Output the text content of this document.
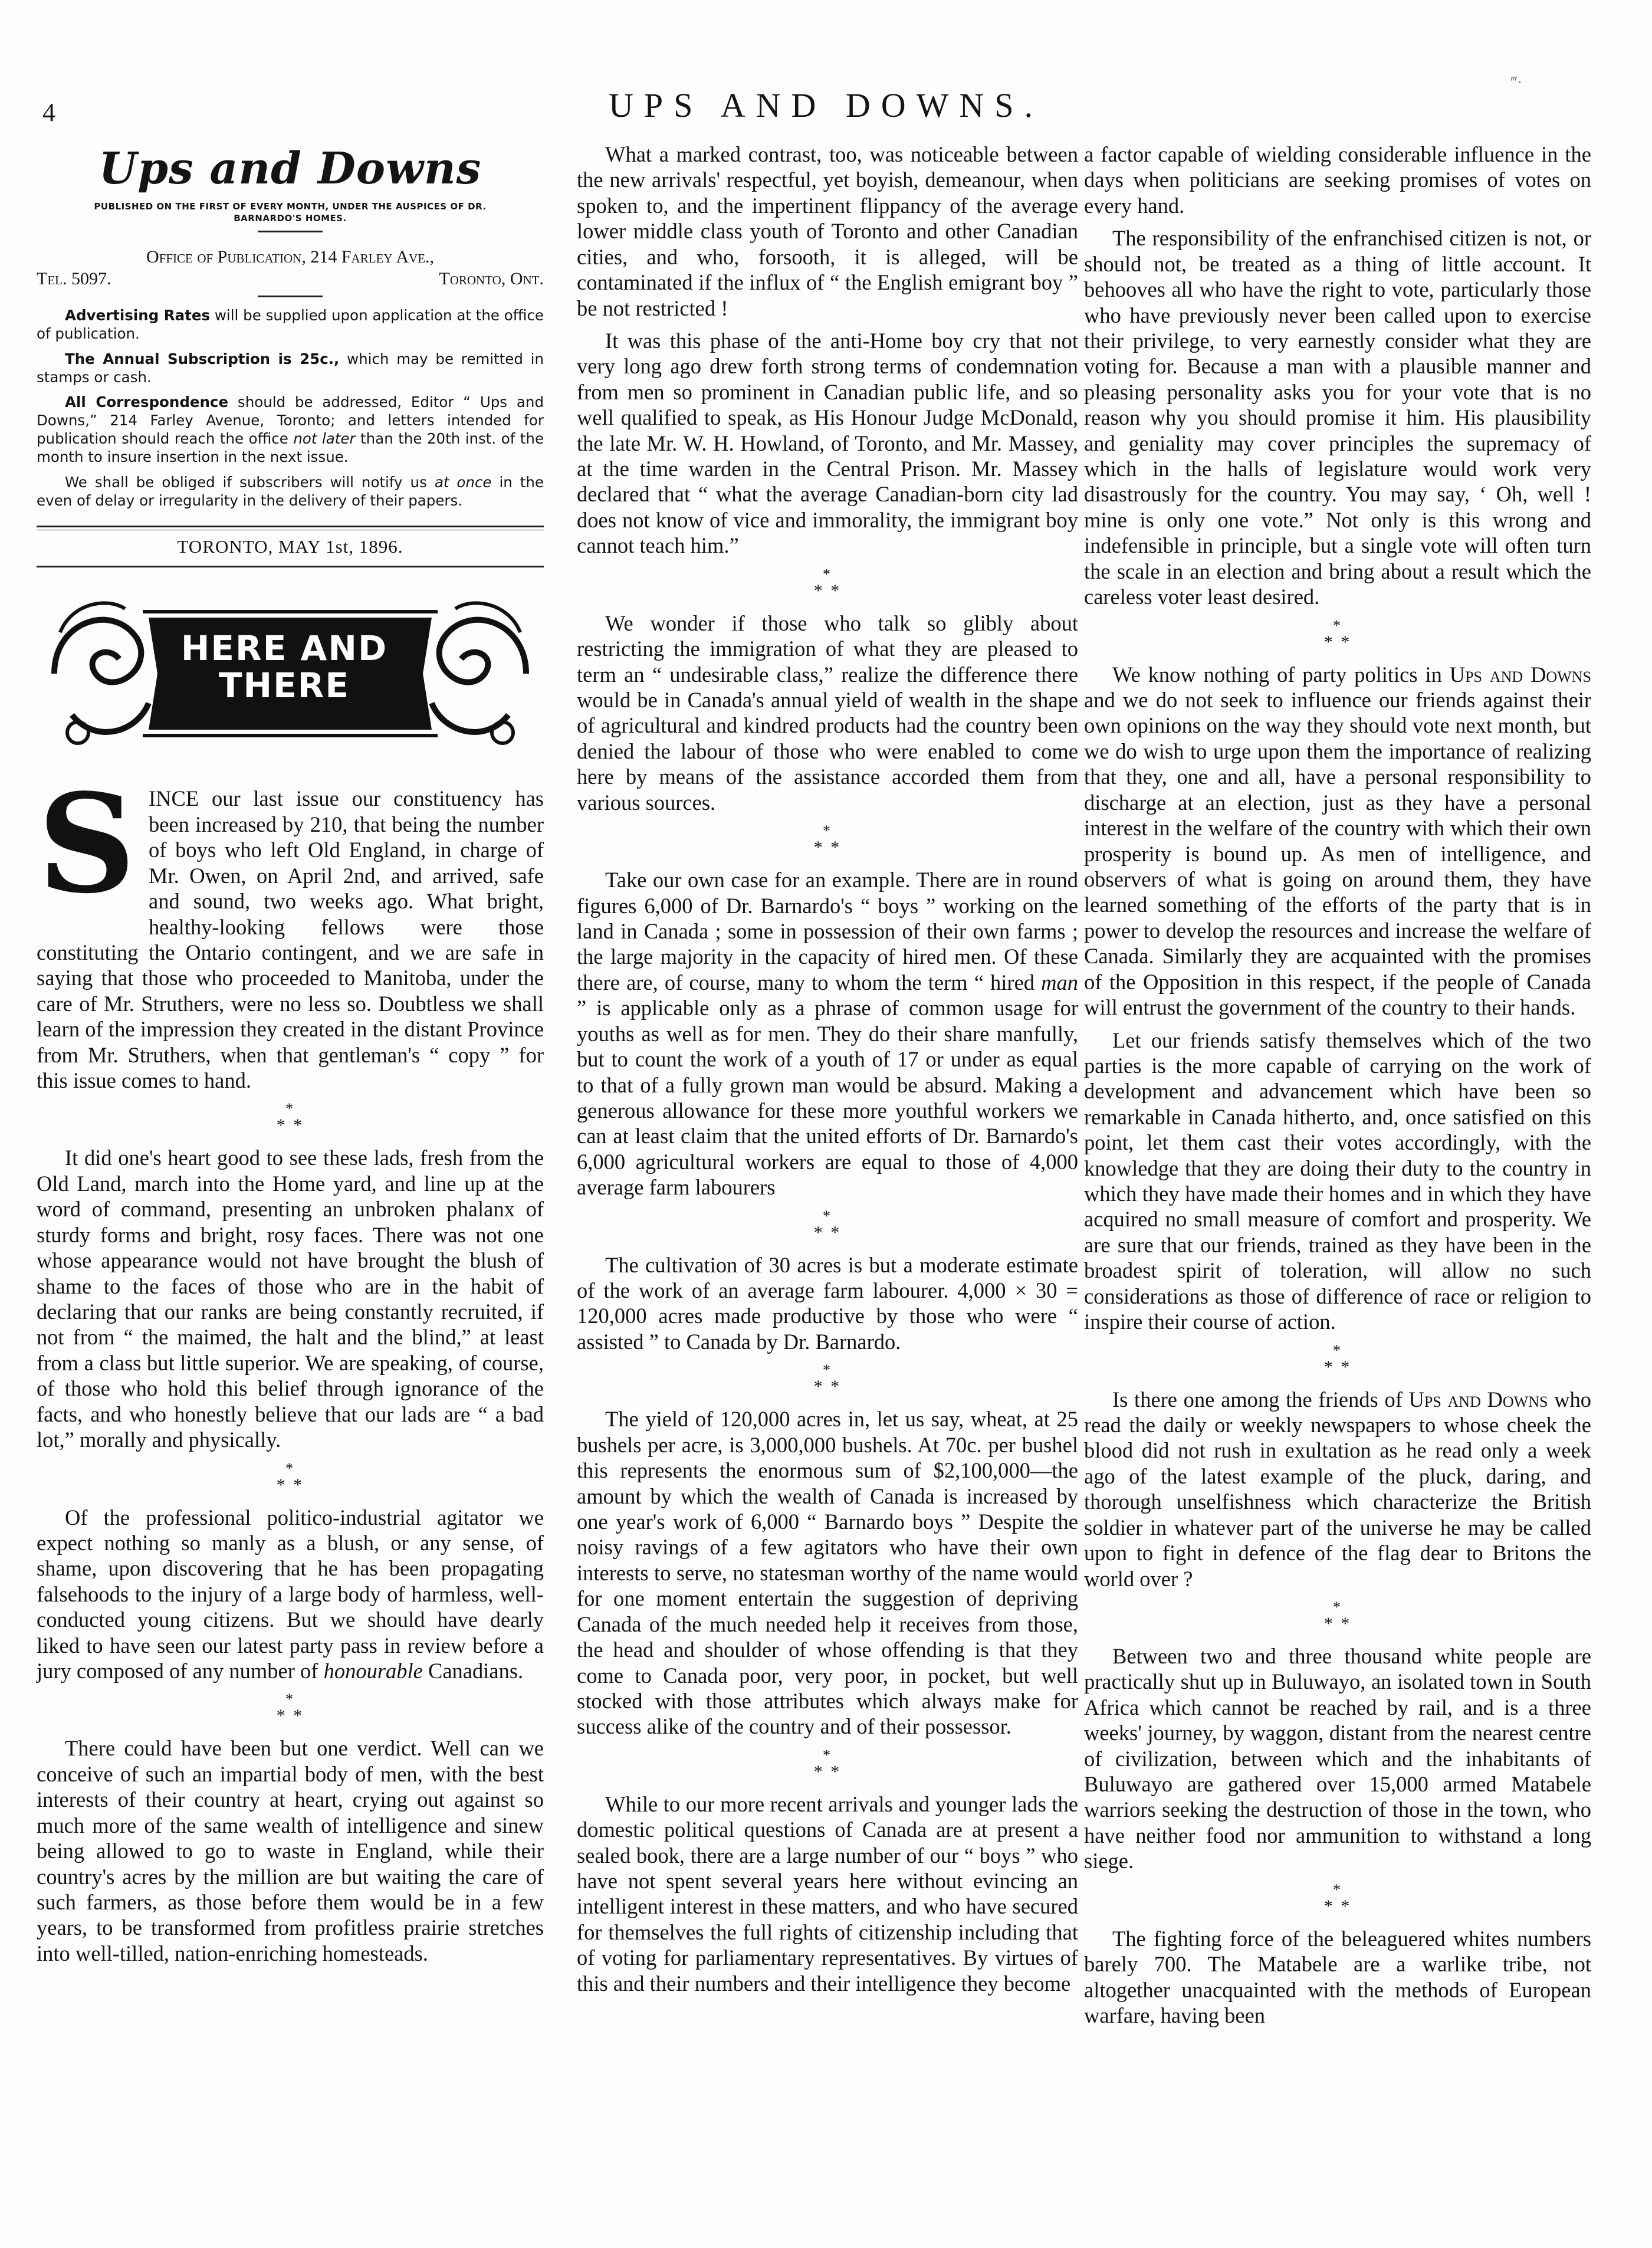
4	UPS AND DOWNS.
‴·
Ups and Downs
PUBLISHED ON THE FIRST OF EVERY MONTH, UNDER THE AUSPICES OF DR. BARNARDO'S HOMES.
Office of Publication, 214 Farley Ave.,
Tel. 5097.	Toronto, Ont.

Advertising Rates will be supplied upon application at the office of publication.

The Annual Subscription is 25c., which may be remitted in stamps or cash.

All Correspondence should be addressed, Editor “ Ups and Downs,” 214 Farley Avenue, Toronto; and letters intended for publication should reach the office not later than the 20th inst. of the month to insure insertion in the next issue.

We shall be obliged if subscribers will notify us at once in the even of delay or irregularity in the delivery of their papers.

TORONTO, MAY 1st, 1896.
HERE AND
THERE

S INCE our last issue our constituency has been increased by 210, that being the number of boys who left Old England, in charge of Mr. Owen, on April 2nd, and arrived, safe and sound, two weeks ago. What bright, healthy-looking fellows were those constituting the Ontario contingent, and we are safe in saying that those who proceeded to Manitoba, under the care of Mr. Struthers, were no less so. Doubtless we shall learn of the impression they created in the distant Province from Mr. Struthers, when that gentleman's “ copy ” for this issue comes to hand.

*
* *

It did one's heart good to see these lads, fresh from the Old Land, march into the Home yard, and line up at the word of command, presenting an unbroken phalanx of sturdy forms and bright, rosy faces. There was not one whose appearance would not have brought the blush of shame to the faces of those who are in the habit of declaring that our ranks are being constantly recruited, if not from “ the maimed, the halt and the blind,” at least from a class but little superior. We are speaking, of course, of those who hold this belief through ignorance of the facts, and who honestly believe that our lads are “ a bad lot,” morally and physically.

*
* *

Of the professional politico-industrial agitator we expect nothing so manly as a blush, or any sense, of shame, upon discovering that he has been propagating falsehoods to the injury of a large body of harmless, well-conducted young citizens. But we should have dearly liked to have seen our latest party pass in review before a jury composed of any number of honourable Canadians.

*
* *

There could have been but one verdict. Well can we conceive of such an impartial body of men, with the best interests of their country at heart, crying out against so much more of the same wealth of intelligence and sinew being allowed to go to waste in England, while their country's acres by the million are but waiting the care of such farmers, as those before them would be in a few years, to be transformed from profitless prairie stretches into well-tilled, nation-enriching homesteads.

What a marked contrast, too, was noticeable between the new arrivals' respectful, yet boyish, demeanour, when spoken to, and the impertinent flippancy of the average lower middle class youth of Toronto and other Canadian cities, and who, forsooth, it is alleged, will be contaminated if the influx of “ the English emigrant boy ” be not restricted !

It was this phase of the anti-Home boy cry that not very long ago drew forth strong terms of condemnation from men so prominent in Canadian public life, and so well qualified to speak, as His Honour Judge McDonald, the late Mr. W. H. Howland, of Toronto, and Mr. Massey, at the time warden in the Central Prison. Mr. Massey declared that “ what the average Canadian-born city lad does not know of vice and immorality, the immigrant boy cannot teach him.”

*
* *

We wonder if those who talk so glibly about restricting the immigration of what they are pleased to term an “ undesirable class,” realize the difference there would be in Canada's annual yield of wealth in the shape of agricultural and kindred products had the country been denied the labour of those who were enabled to come here by means of the assistance accorded them from various sources.

*
* *

Take our own case for an example. There are in round figures 6,000 of Dr. Barnardo's “ boys ” working on the land in Canada ; some in possession of their own farms ; the large majority in the capacity of hired men. Of these there are, of course, many to whom the term “ hired man ” is applicable only as a phrase of common usage for youths as well as for men. They do their share manfully, but to count the work of a youth of 17 or under as equal to that of a fully grown man would be absurd. Making a generous allowance for these more youthful workers we can at least claim that the united efforts of Dr. Barnardo's 6,000 agricultural workers are equal to those of 4,000 average farm labourers

*
* *

The cultivation of 30 acres is but a moderate estimate of the work of an average farm labourer. 4,000 × 30 = 120,000 acres made productive by those who were “ assisted ” to Canada by Dr. Barnardo.

*
* *

The yield of 120,000 acres in, let us say, wheat, at 25 bushels per acre, is 3,000,000 bushels. At 70c. per bushel this represents the enormous sum of $2,100,000—the amount by which the wealth of Canada is increased by one year's work of 6,000 “ Barnardo boys ” Despite the noisy ravings of a few agitators who have their own interests to serve, no statesman worthy of the name would for one moment entertain the suggestion of depriving Canada of the much needed help it receives from those, the head and shoulder of whose offending is that they come to Canada poor, very poor, in pocket, but well stocked with those attributes which always make for success alike of the country and of their possessor.

*
* *

While to our more recent arrivals and younger lads the domestic political questions of Canada are at present a sealed book, there are a large number of our “ boys ” who have not spent several years here without evincing an intelligent interest in these matters, and who have secured for themselves the full rights of citizenship including that of voting for parliamentary representatives. By virtues of this and their numbers and their intelligence they become

a factor capable of wielding considerable influence in the days when politicians are seeking promises of votes on every hand.

The responsibility of the enfranchised citizen is not, or should not, be treated as a thing of little account. It behooves all who have the right to vote, particularly those who have previously never been called upon to exercise their privilege, to very earnestly consider what they are voting for. Because a man with a plausible manner and pleasing personality asks you for your vote that is no reason why you should promise it him. His plausibility and geniality may cover principles the supremacy of which in the halls of legislature would work very disastrously for the country. You may say, ‘ Oh, well ! mine is only one vote.” Not only is this wrong and indefensible in principle, but a single vote will often turn the scale in an election and bring about a result which the careless voter least desired.

*
* *

We know nothing of party politics in Ups and Downs and we do not seek to influence our friends against their own opinions on the way they should vote next month, but we do wish to urge upon them the importance of realizing that they, one and all, have a personal responsibility to discharge at an election, just as they have a personal interest in the welfare of the country with which their own prosperity is bound up. As men of intelligence, and observers of what is going on around them, they have learned something of the efforts of the party that is in power to develop the resources and increase the welfare of Canada. Similarly they are acquainted with the promises of the Opposition in this respect, if the people of Canada will entrust the government of the country to their hands.

Let our friends satisfy themselves which of the two parties is the more capable of carrying on the work of development and advancement which have been so remarkable in Canada hitherto, and, once satisfied on this point, let them cast their votes accordingly, with the knowledge that they are doing their duty to the country in which they have made their homes and in which they have acquired no small measure of comfort and prosperity. We are sure that our friends, trained as they have been in the broadest spirit of toleration, will allow no such considerations as those of difference of race or religion to inspire their course of action.

*
* *

Is there one among the friends of Ups and Downs who read the daily or weekly newspapers to whose cheek the blood did not rush in exultation as he read only a week ago of the latest example of the pluck, daring, and thorough unselfishness which characterize the British soldier in whatever part of the universe he may be called upon to fight in defence of the flag dear to Britons the world over ?

*
* *

Between two and three thousand white people are practically shut up in Buluwayo, an isolated town in South Africa which cannot be reached by rail, and is a three weeks' journey, by waggon, distant from the nearest centre of civilization, between which and the inhabitants of Buluwayo are gathered over 15,000 armed Matabele warriors seeking the destruction of those in the town, who have neither food nor ammunition to withstand a long siege.

*
* *

The fighting force of the beleaguered whites numbers barely 700. The Matabele are a warlike tribe, not altogether unacquainted with the methods of European warfare, having been
